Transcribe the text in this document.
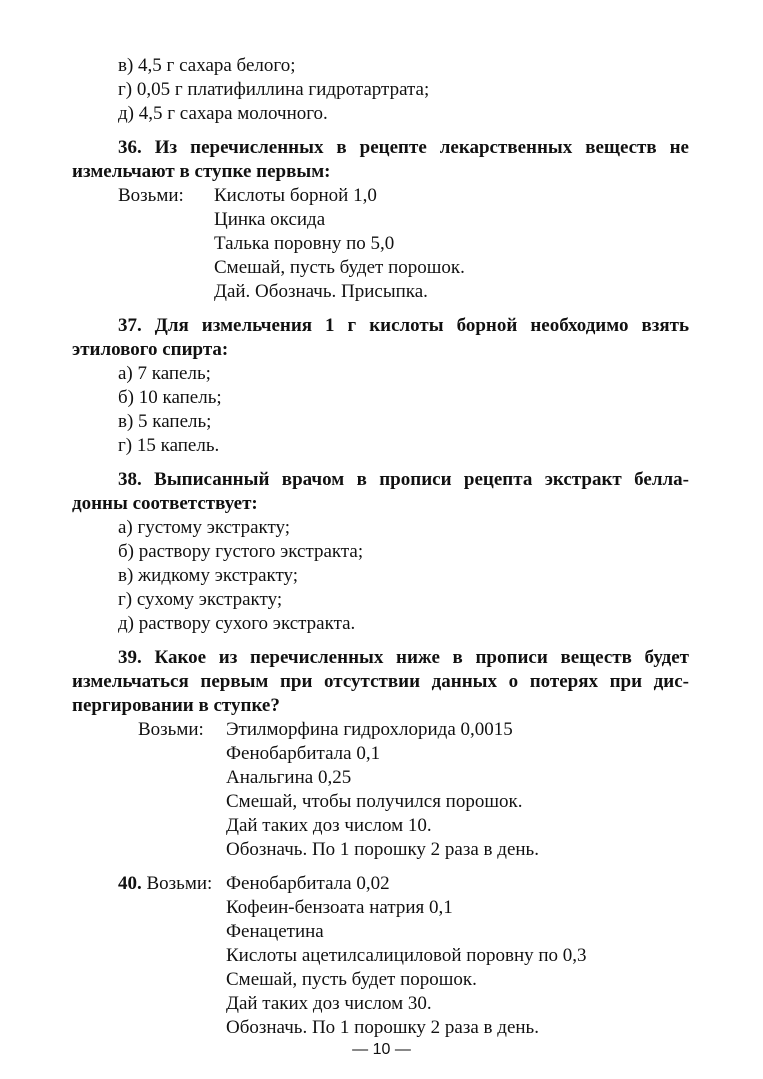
в) 4,5 г сахара белого;
г) 0,05 г платифиллина гидротартрата;
д) 4,5 г сахара молочного.
36. Из перечисленных в рецепте лекарственных веществ не
измельчают в ступке первым:
Возьми:	Кислоты борной 1,0
Цинка оксида
Талька поровну по 5,0
Смешай, пусть будет порошок.
Дай. Обозначь. Присыпка.
37. Для измельчения 1 г кислоты борной необходимо взять
этилового спирта:
а) 7 капель;
б) 10 капель;
в) 5 капель;
г) 15 капель.
38. Выписанный врачом в прописи рецепта экстракт белла-
донны соответствует:
а) густому экстракту;
б) раствору густого экстракта;
в) жидкому экстракту;
г) сухому экстракту;
д) раствору сухого экстракта.
39. Какое из перечисленных ниже в прописи веществ будет
измельчаться первым при отсутствии данных о потерях при дис-
пергировании в ступке?
Возьми:	Этилморфина гидрохлорида 0,0015
Фенобарбитала 0,1
Анальгина 0,25
Смешай, чтобы получился порошок.
Дай таких доз числом 10.
Обозначь. По 1 порошку 2 раза в день.
40. Возьми: Фенобарбитала 0,02
Кофеин-бензоата натрия 0,1
Фенацетина
Кислоты ацетилсалициловой поровну по 0,3
Смешай, пусть будет порошок.
Дай таких доз числом 30.
Обозначь. По 1 порошку 2 раза в день.
— 10 —
